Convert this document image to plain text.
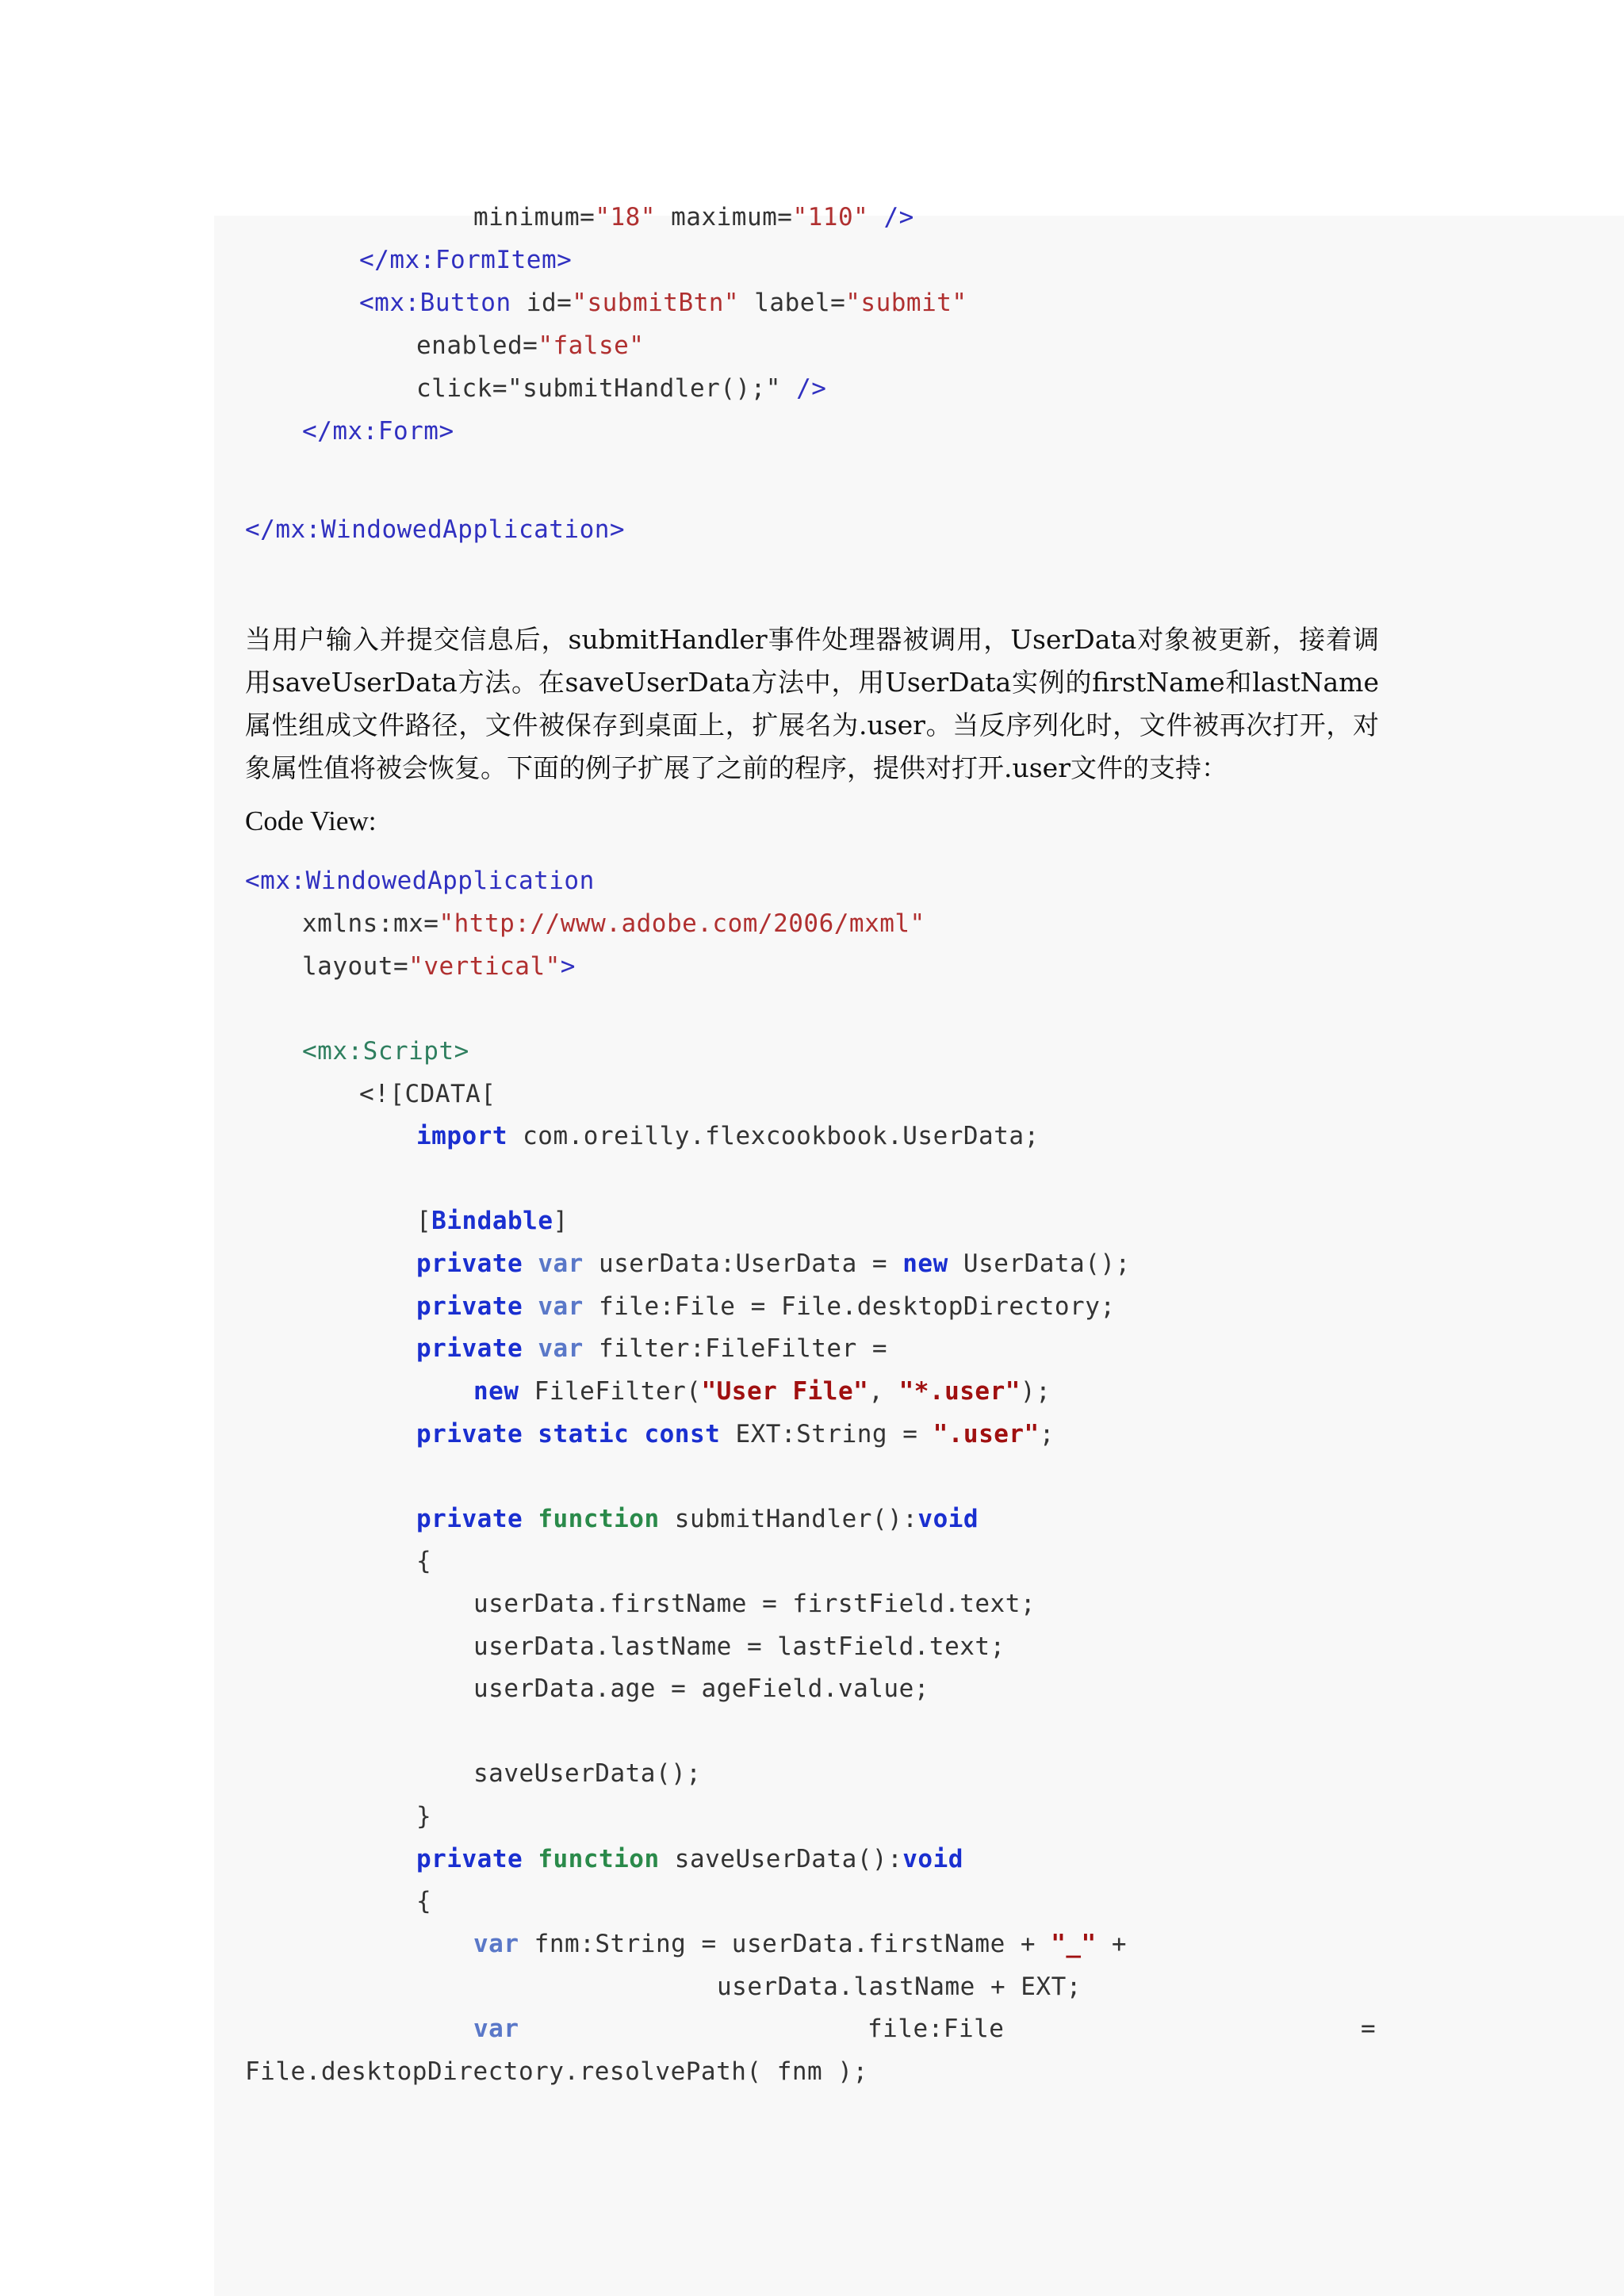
minimum="18" maximum="110" />
</mx:FormItem>
<mx:Button id="submitBtn" label="submit"
enabled="false"
click="submitHandler();" />
</mx:Form>
</mx:WindowedApplication>
当用户输入并提交信息后，submitHandler事件处理器被调用，UserData对象被更新，接着调用saveUserData方法。在saveUserData方法中，用UserData实例的firstName和lastName属性组成文件路径，文件被保存到桌面上，扩展名为.user。当反序列化时，文件被再次打开，对象属性值将被会恢复。下面的例子扩展了之前的程序，提供对打开.user文件的支持：
Code View:
<mx:WindowedApplication
xmlns:mx="http://www.adobe.com/2006/mxml"
layout="vertical">
<mx:Script>
<![CDATA[
import com.oreilly.flexcookbook.UserData;
[Bindable]
private var userData:UserData = new UserData();
private var file:File = File.desktopDirectory;
private var filter:FileFilter =
new FileFilter("User File", "*.user");
private static const EXT:String = ".user";
private function submitHandler():void
{
userData.firstName = firstField.text;
userData.lastName = lastField.text;
userData.age = ageField.value;
saveUserData();
}
private function saveUserData():void
{
var fnm:String = userData.firstName + "_" +
userData.lastName + EXT;
var	file:File	=
File.desktopDirectory.resolvePath( fnm );
